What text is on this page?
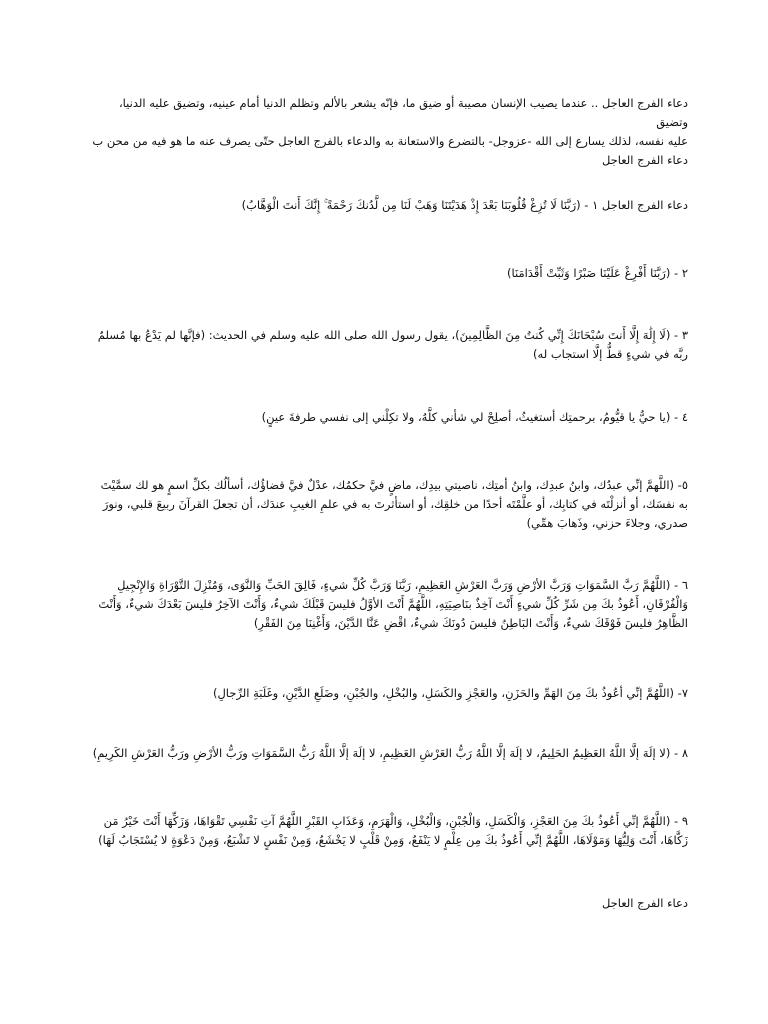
دعاء الفرج العاجل .. عندما يصيب الإنسان مصيبة أو ضيق ما، فإنّه يشعر بالألم وتظلم الدنيا أمام عينيه، وتضيق عليه الدنيا، وتضيق
عليه نفسه، لذلك يسارع إلى الله -عزوجل- بالتضرع والاستعانة به والدعاء بالفرج العاجل حتّى يصرف عنه ما هو فيه من محن ب
دعاء الفرج العاجل
دعاء الفرج العاجل ١ - (رَبَّنَا لَا تُزِغْ قُلُوبَنَا بَعْدَ إِذْ هَدَيْتَنَا وَهَبْ لَنَا مِن لَّدُنكَ رَحْمَةً ۚ إِنَّكَ أَنتَ الْوَهَّابُ)
٢ - (رَبَّنَا أَفْرِغْ عَلَيْنَا صَبْرًا وَثَبِّتْ أَقْدَامَنَا)
٣ - (لَا إِلَٰهَ إِلَّا أَنتَ سُبْحَانَكَ إِنِّي كُنتُ مِنَ الظَّالِمِينَ)، يقول رسول الله صلى الله عليه وسلم في الحديث: (فإنَّها لم يَدْعُ بها مُسلمٌ ربَّه في شيءٍ قطُّ إلَّا استجاب له)
٤ - (يا حيُّ يا قيُّومُ، برحمتِك أستغيثُ، أصلِحْ لي شأني كلَّهُ، ولا تكِلْني إلى نفسي طرفةَ عينٍ)
٥- (اللَّهمَّ إنِّي عبدُك، وابنُ عبدِك، وابنُ أمتِك، ناصيتي بيدِك، ماضٍ فيَّ حكمُك، عدْلٌ فيَّ قضاؤُك، أسألُك بكلِّ اسمٍ هو لك سمَّيْتَ به نفسَك، أو أنزلْتَه في كتابِك، أو علَّمْتَه أحدًا من خلقِك، أو استأثرتَ به في علمِ الغيبِ عندَك، أن تجعلَ القرآنَ ربيعَ قلبي، ونورَ صدري، وجلاءَ حزني، وذَهابَ همِّي)
٦ - (اللَّهُمَّ رَبَّ السَّمَوَاتِ وَرَبَّ الأرْضِ وَرَبَّ العَرْشِ العَظِيمِ، رَبَّنَا وَرَبَّ كُلِّ شيءٍ، فَالِقَ الحَبِّ وَالنَّوَى، وَمُنْزِلَ التَّوْرَاةِ وَالإِنْجِيلِ وَالْفُرْقَانِ، أَعُوذُ بكَ مِن شَرِّ كُلِّ شيءٍ أَنْتَ آخِذٌ بنَاصِيَتِهِ، اللَّهُمَّ أَنْتَ الأوَّلُ فليسَ قَبْلَكَ شيءٌ، وَأَنْتَ الآخِرُ فليسَ بَعْدَكَ شيءٌ، وَأَنْتَ الظَّاهِرُ فليسَ فَوْقَكَ شيءٌ، وَأَنْتَ البَاطِنُ فليسَ دُونَكَ شيءٌ، اقْضِ عَنَّا الدَّيْنَ، وَأَغْنِنَا مِنَ الفَقْرِ)
٧- (اللَّهُمَّ إنِّي أعُوذُ بكَ مِنَ الهَمِّ والحَزَنِ، والعَجْزِ والكَسَلِ، والبُخْلِ، والجُبْنِ، وضَلَعِ الدَّيْنِ، وغَلَبَةِ الرِّجالِ)
٨ - (لا إلَهَ إلَّا اللَّهُ العَظِيمُ الحَلِيمُ، لا إلَهَ إلَّا اللَّهُ رَبُّ العَرْشِ العَظِيمِ، لا إلَهَ إلَّا اللَّهُ رَبُّ السَّمَوَاتِ ورَبُّ الأرْضِ ورَبُّ العَرْشِ الكَرِيمِ)
٩ - (اللَّهُمَّ إنِّي أَعُوذُ بكَ مِنَ العَجْزِ، وَالْكَسَلِ، وَالْجُبْنِ، وَالْبُخْلِ، وَالْهَرَمِ، وَعَذَابِ القَبْرِ اللَّهُمَّ آتِ نَفْسِي تَقْوَاهَا، وَزَكِّهَا أَنْتَ خَيْرُ مَن زَكَّاهَا، أَنْتَ وَلِيُّهَا وَمَوْلَاهَا، اللَّهُمَّ إنِّي أَعُوذُ بكَ مِن عِلْمٍ لا يَنْفَعُ، وَمِنْ قَلْبٍ لا يَخْشَعُ، وَمِنْ نَفْسٍ لا تَشْبَعُ، وَمِنْ دَعْوَةٍ لا يُسْتَجَابُ لَهَا)
دعاء الفرج العاجل
